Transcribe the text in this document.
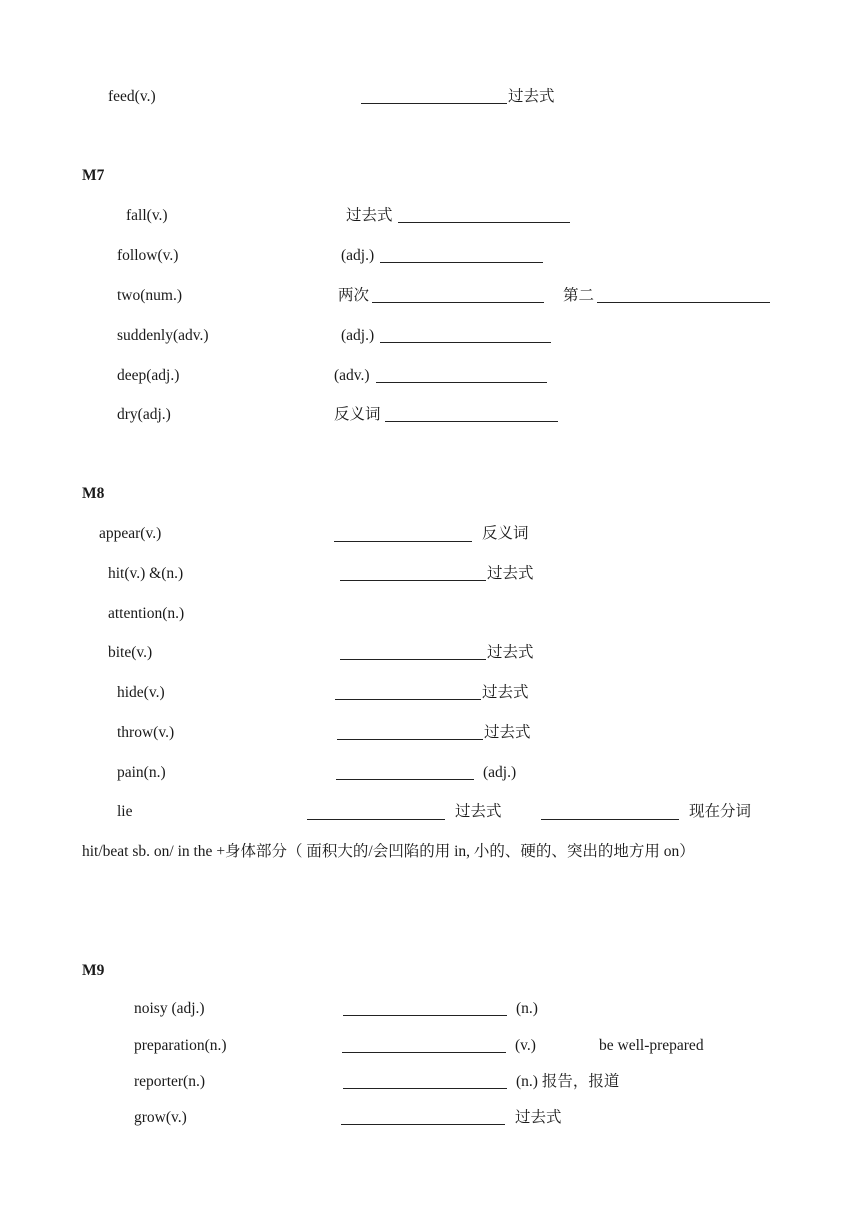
feed(v.)	过去式
M7
fall(v.)	过去式
follow(v.)	(adj.)
two(num.)	两次	第二
suddenly(adv.)	(adj.)
deep(adj.)	(adv.)
dry(adj.)	反义词
M8
appear(v.)	反义词
hit(v.) &(n.)	过去式
attention(n.)
bite(v.)	过去式
hide(v.)	过去式
throw(v.)	过去式
pain(n.)	(adj.)
lie	过去式	现在分词
hit/beat sb. on/ in the +身体部分（ 面积大的/会凹陷的用 in, 小的、硬的、突出的地方用 on）
M9
noisy (adj.)	(n.)
preparation(n.)	(v.)	be well-prepared
reporter(n.)	(n.) 报告，报道
grow(v.)	过去式
